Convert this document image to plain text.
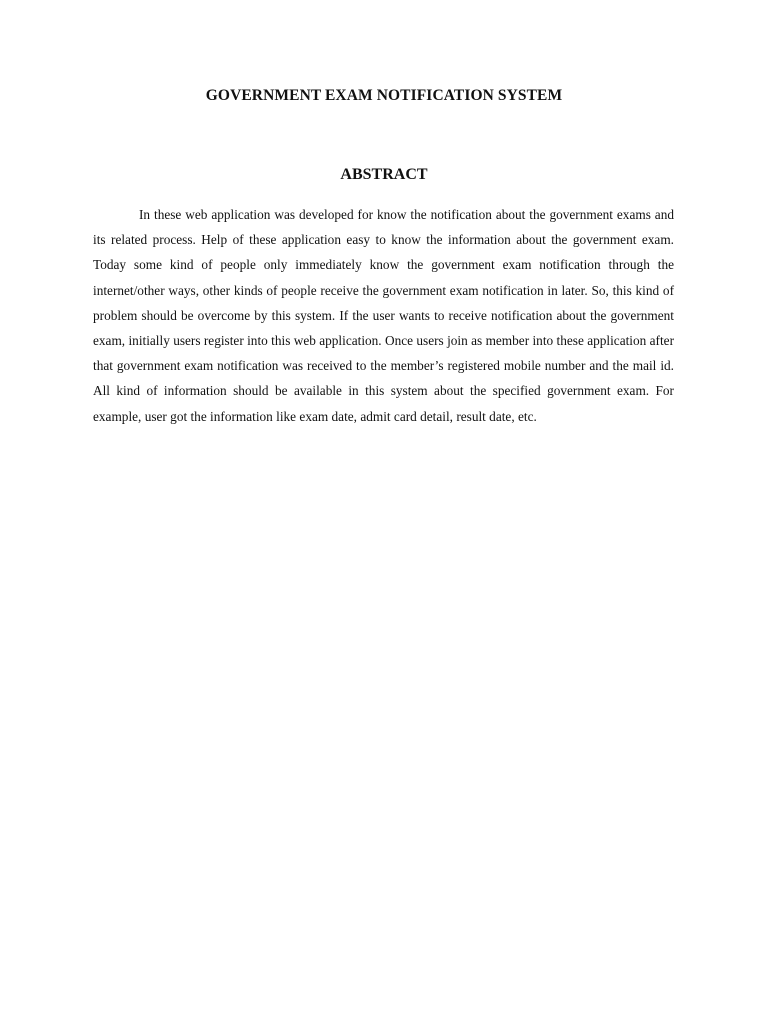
GOVERNMENT EXAM NOTIFICATION SYSTEM
ABSTRACT

In these web application was developed for know the notification about the government exams and its related process. Help of these application easy to know the information about the government exam. Today some kind of people only immediately know the government exam notification through the internet/other ways, other kinds of people receive the government exam notification in later. So, this kind of problem should be overcome by this system. If the user wants to receive notification about the government exam, initially users register into this web application. Once users join as member into these application after that government exam notification was received to the member’s registered mobile number and the mail id. All kind of information should be available in this system about the specified government exam. For example, user got the information like exam date, admit card detail, result date, etc.
